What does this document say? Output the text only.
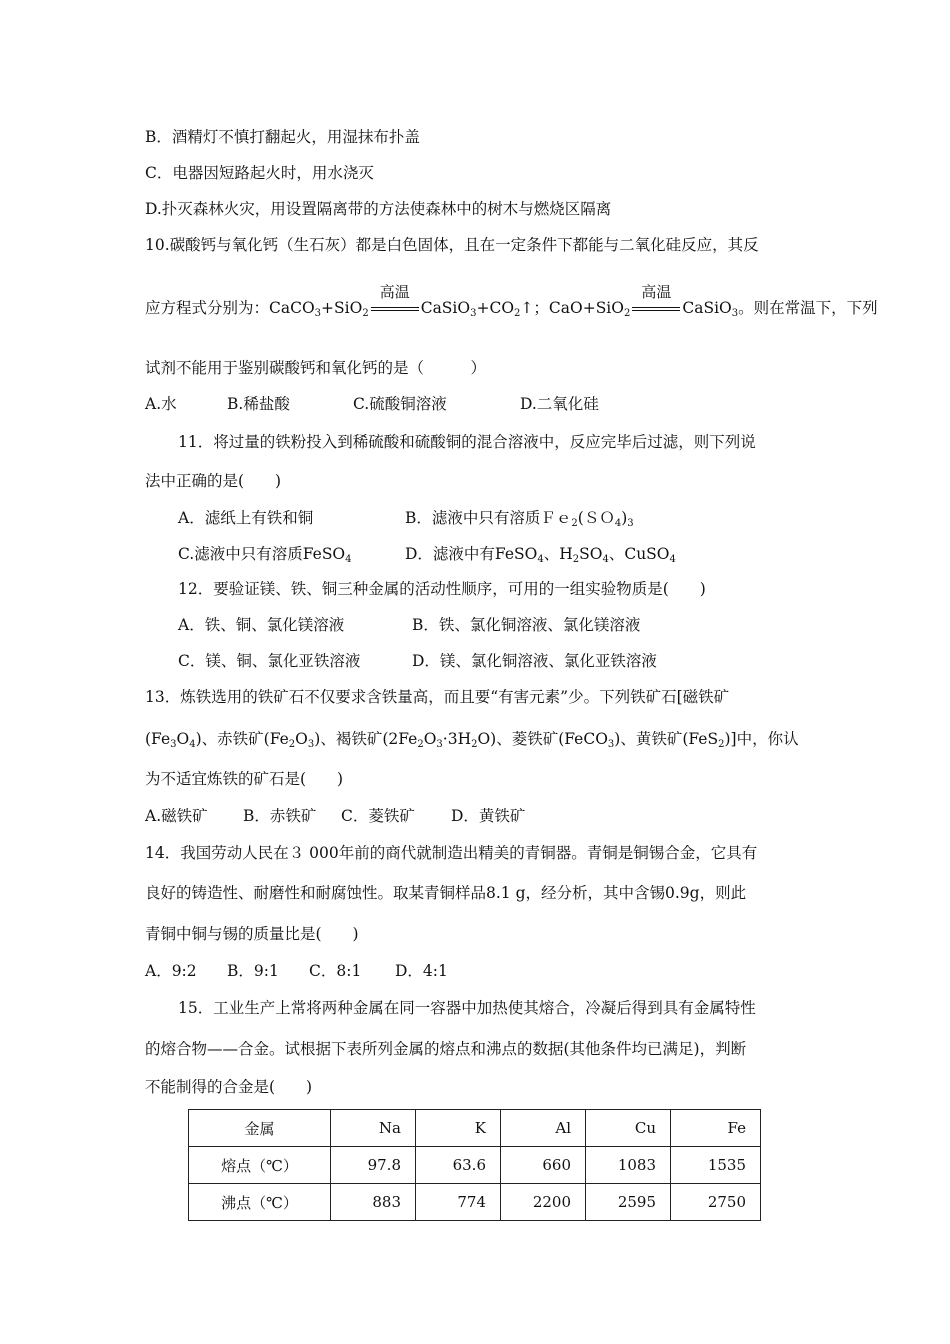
B．酒精灯不慎打翻起火，用湿抹布扑盖
C．电器因短路起火时，用水浇灭
D.扑灭森林火灾，用设置隔离带的方法使森林中的树木与燃烧区隔离
10.碳酸钙与氧化钙（生石灰）都是白色固体，且在一定条件下都能与二氧化硅反应，其反
应方程式分别为：CaCO$_3$+SiO$_2$
高温
$CaSiO_3+CO_2↑$；CaO+SiO$_2$
高温
CaSiO$_3$。则在常温下，下列
试剂不能用于鉴别碳酸钙和氧化钙的是（　　　）
A.水	B.稀盐酸	C.硫酸铜溶液	D.二氧化硅
11．将过量的铁粉投入到稀硫酸和硫酸铜的混合溶液中，反应完毕后过滤，则下列说
法中正确的是(　　)
A．滤纸上有铁和铜	B．滤液中只有溶质$Fe_2(SO_4)_3$
C.滤液中只有溶质FeSO$_4$	D．滤液中有FeSO$_4$、$H_2SO_4$、CuSO$_4$
12．要验证镁、铁、铜三种金属的活动性顺序，可用的一组实验物质是(　　)
A．铁、铜、氯化镁溶液	B．铁、氯化铜溶液、氯化镁溶液
C．镁、铜、氯化亚铁溶液	D．镁、氯化铜溶液、氯化亚铁溶液
13．炼铁选用的铁矿石不仅要求含铁量高，而且要“有害元素”少。下列铁矿石[磁铁矿
$(Fe_3O_4)$、赤铁矿$(Fe_2O_3)$、褐铁矿$(2Fe_2O_3\cdot 3H_2O)$、菱铁矿(FeCO$_3$)、黄铁矿(FeS$_2$)]中，你认
为不适宜炼铁的矿石是(　　)
A.磁铁矿 B．赤铁矿 C．菱铁矿 D．黄铁矿
14．我国劳动人民在３ 000年前的商代就制造出精美的青铜器。青铜是铜锡合金，它具有
良好的铸造性、耐磨性和耐腐蚀性。取某青铜样品8.1 g，经分析，其中含锡0.9g，则此
青铜中铜与锡的质量比是(　　)
A．9:2 B．9:1 C．8:1 D．4:1
15．工业生产上常将两种金属在同一容器中加热使其熔合，冷凝后得到具有金属特性
的熔合物——合金。试根据下表所列金属的熔点和沸点的数据(其他条件均已满足)，判断
不能制得的合金是(　　)
金属	Na	K	Al	Cu	Fe
熔点（℃）	97.8	63.6	660	1083	1535
沸点（℃）	883	774	2200	2595	2750
